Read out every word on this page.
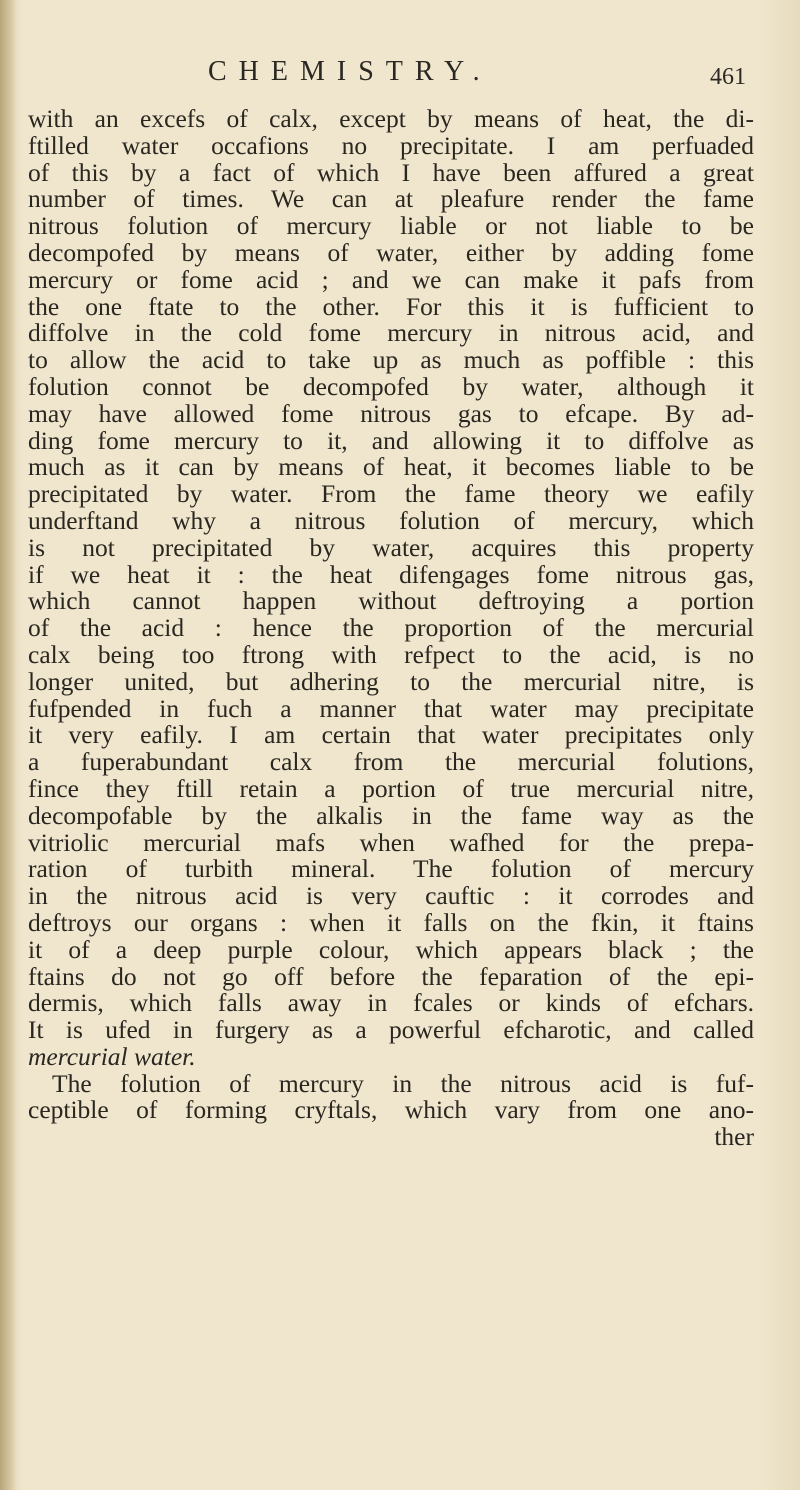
CHEMISTRY.	461
with an excefs of calx, except by means of heat, the di-
ftilled water occafions no precipitate. I am perfuaded
of this by a fact of which I have been affured a great
number of times. We can at pleafure render the fame
nitrous folution of mercury liable or not liable to be
decompofed by means of water, either by adding fome
mercury or fome acid ; and we can make it pafs from
the one ftate to the other. For this it is fufficient to
diffolve in the cold fome mercury in nitrous acid, and
to allow the acid to take up as much as poffible : this
folution connot be decompofed by water, although it
may have allowed fome nitrous gas to efcape. By ad-
ding fome mercury to it, and allowing it to diffolve as
much as it can by means of heat, it becomes liable to be
precipitated by water. From the fame theory we eafily
underftand why a nitrous folution of mercury, which
is not precipitated by water, acquires this property
if we heat it : the heat difengages fome nitrous gas,
which cannot happen without deftroying a portion
of the acid : hence the proportion of the mercurial
calx being too ftrong with refpect to the acid, is no
longer united, but adhering to the mercurial nitre, is
fufpended in fuch a manner that water may precipitate
it very eafily. I am certain that water precipitates only
a fuperabundant calx from the mercurial folutions,
fince they ftill retain a portion of true mercurial nitre,
decompofable by the alkalis in the fame way as the
vitriolic mercurial mafs when wafhed for the prepa-
ration of turbith mineral. The folution of mercury
in the nitrous acid is very cauftic : it corrodes and
deftroys our organs : when it falls on the fkin, it ftains
it of a deep purple colour, which appears black ; the
ftains do not go off before the feparation of the epi-
dermis, which falls away in fcales or kinds of efchars.
It is ufed in furgery as a powerful efcharotic, and called
mercurial water.
The folution of mercury in the nitrous acid is fuf-
ceptible of forming cryftals, which vary from one ano-
ther
